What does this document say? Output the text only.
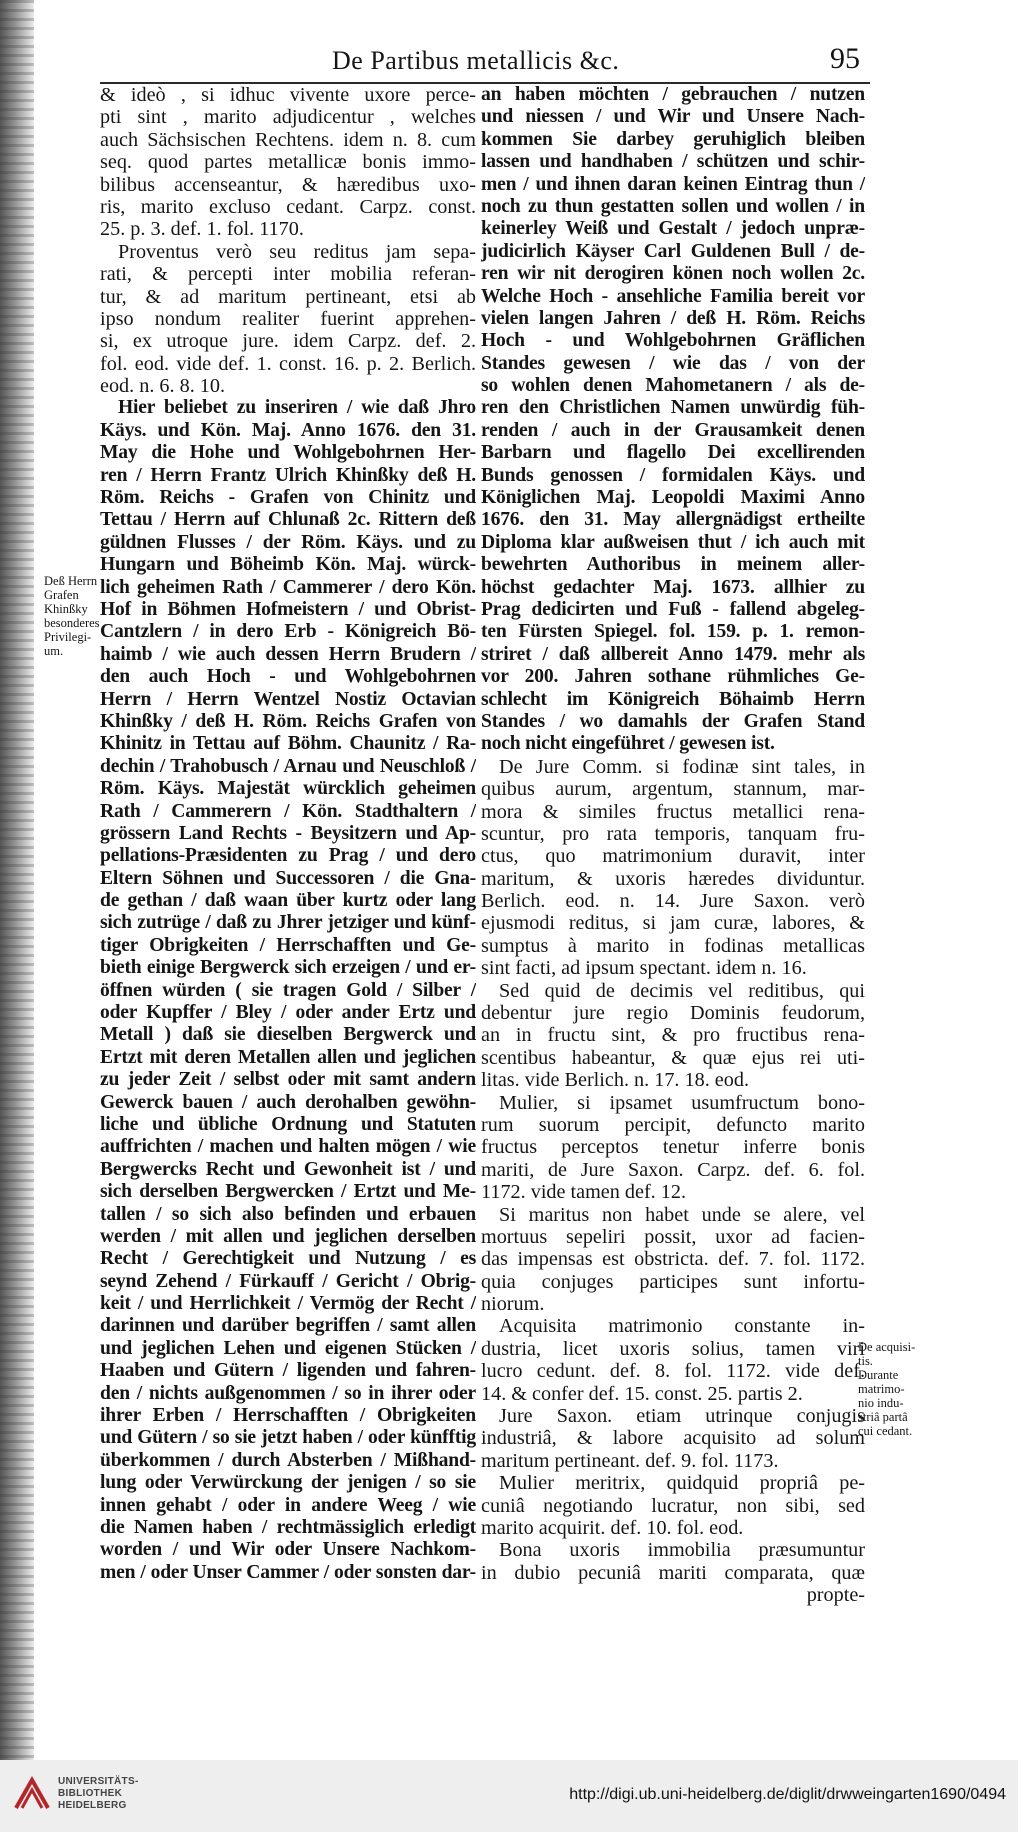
De Partibus metallicis &c.	95
Deß Herrn
Grafen
Khinßky
besonderes
Privilegi-
um.
& ideò , si idhuc vivente uxore perce-
pti sint , marito adjudicentur , welches
auch Sächsischen Rechtens. idem n. 8. cum
seq. quod partes metallicæ bonis immo-
bilibus accenseantur, & hæredibus uxo-
ris, marito excluso cedant. Carpz. const.
25. p. 3. def. 1. fol. 1170.
Proventus verò seu reditus jam sepa-
rati, & percepti inter mobilia referan-
tur, & ad maritum pertineant, etsi ab
ipso nondum realiter fuerint apprehen-
si, ex utroque jure. idem Carpz. def. 2.
fol. eod. vide def. 1. const. 16. p. 2. Berlich.
eod. n. 6. 8. 10.
Hier beliebet zu inseriren / wie daß Jhro
Käys. und Kön. Maj. Anno 1676. den 31.
May die Hohe und Wohlgebohrnen Her-
ren / Herrn Frantz Ulrich Khinßky deß H.
Röm. Reichs - Grafen von Chinitz und
Tettau / Herrn auf Chlunaß 2c. Rittern deß
güldnen Flusses / der Röm. Käys. und zu
Hungarn und Böheimb Kön. Maj. würck-
lich geheimen Rath / Cammerer / dero Kön.
Hof in Böhmen Hofmeistern / und Obrist-
Cantzlern / in dero Erb - Königreich Bö-
haimb / wie auch dessen Herrn Brudern /
den auch Hoch - und Wohlgebohrnen
Herrn / Herrn Wentzel Nostiz Octavian
Khinßky / deß H. Röm. Reichs Grafen von
Khinitz in Tettau auf Böhm. Chaunitz / Ra-
dechin / Trahobusch / Arnau und Neuschloß /
Röm. Käys. Majestät würcklich geheimen
Rath / Cammerern / Kön. Stadthaltern /
grössern Land Rechts - Beysitzern und Ap-
pellations-Præsidenten zu Prag / und dero
Eltern Söhnen und Successoren / die Gna-
de gethan / daß waan über kurtz oder lang
sich zutrüge / daß zu Jhrer jetziger und künf-
tiger Obrigkeiten / Herrschafften und Ge-
bieth einige Bergwerck sich erzeigen / und er-
öffnen würden ( sie tragen Gold / Silber /
oder Kupffer / Bley / oder ander Ertz und
Metall ) daß sie dieselben Bergwerck und
Ertzt mit deren Metallen allen und jeglichen
zu jeder Zeit / selbst oder mit samt andern
Gewerck bauen / auch derohalben gewöhn-
liche und übliche Ordnung und Statuten
auffrichten / machen und halten mögen / wie
Bergwercks Recht und Gewonheit ist / und
sich derselben Bergwercken / Ertzt und Me-
tallen / so sich also befinden und erbauen
werden / mit allen und jeglichen derselben
Recht / Gerechtigkeit und Nutzung / es
seynd Zehend / Fürkauff / Gericht / Obrig-
keit / und Herrlichkeit / Vermög der Recht /
darinnen und darüber begriffen / samt allen
und jeglichen Lehen und eigenen Stücken /
Haaben und Gütern / ligenden und fahren-
den / nichts außgenommen / so in ihrer oder
ihrer Erben / Herrschafften / Obrigkeiten
und Gütern / so sie jetzt haben / oder künfftig
überkommen / durch Absterben / Mißhand-
lung oder Verwürckung der jenigen / so sie
innen gehabt / oder in andere Weeg / wie
die Namen haben / rechtmässiglich erledigt
worden / und Wir oder Unsere Nachkom-
men / oder Unser Cammer / oder sonsten dar-
an haben möchten / gebrauchen / nutzen
und niessen / und Wir und Unsere Nach-
kommen Sie darbey geruhiglich bleiben
lassen und handhaben / schützen und schir-
men / und ihnen daran keinen Eintrag thun /
noch zu thun gestatten sollen und wollen / in
keinerley Weiß und Gestalt / jedoch unpræ-
judicirlich Käyser Carl Guldenen Bull / de-
ren wir nit derogiren könen noch wollen 2c.
Welche Hoch - ansehliche Familia bereit vor
vielen langen Jahren / deß H. Röm. Reichs
Hoch - und Wohlgebohrnen Gräflichen
Standes gewesen / wie das / von der
so wohlen denen Mahometanern / als de-
ren den Christlichen Namen unwürdig füh-
renden / auch in der Grausamkeit denen
Barbarn und flagello Dei excellirenden
Bunds genossen / formidalen Käys. und
Königlichen Maj. Leopoldi Maximi Anno
1676. den 31. May allergnädigst ertheilte
Diploma klar außweisen thut / ich auch mit
bewehrten Authoribus in meinem aller-
höchst gedachter Maj. 1673. allhier zu
Prag dedicirten und Fuß - fallend abgeleg-
ten Fürsten Spiegel. fol. 159. p. 1. remon-
striret / daß allbereit Anno 1479. mehr als
vor 200. Jahren sothane rühmliches Ge-
schlecht im Königreich Böhaimb Herrn
Standes / wo damahls der Grafen Stand
noch nicht eingeführet / gewesen ist.
De Jure Comm. si fodinæ sint tales, in
quibus aurum, argentum, stannum, mar-
mora & similes fructus metallici rena-
scuntur, pro rata temporis, tanquam fru-
ctus, quo matrimonium duravit, inter
maritum, & uxoris hæredes dividuntur.
Berlich. eod. n. 14. Jure Saxon. verò
ejusmodi reditus, si jam curæ, labores, &
sumptus à marito in fodinas metallicas
sint facti, ad ipsum spectant. idem n. 16.
Sed quid de decimis vel reditibus, qui
debentur jure regio Dominis feudorum,
an in fructu sint, & pro fructibus rena-
scentibus habeantur, & quæ ejus rei uti-
litas. vide Berlich. n. 17. 18. eod.
Mulier, si ipsamet usumfructum bono-
rum suorum percipit, defuncto marito
fructus perceptos tenetur inferre bonis
mariti, de Jure Saxon. Carpz. def. 6. fol.
1172. vide tamen def. 12.
Si maritus non habet unde se alere, vel
mortuus sepeliri possit, uxor ad facien-
das impensas est obstricta. def. 7. fol. 1172.
quia conjuges participes sunt infortu-
niorum.
Acquisita matrimonio constante in-
dustria, licet uxoris solius, tamen viri
lucro cedunt. def. 8. fol. 1172. vide def.
14. & confer def. 15. const. 25. partis 2.
Jure Saxon. etiam utrinque conjugis
industriâ, & labore acquisito ad solum
maritum pertineant. def. 9. fol. 1173.
Mulier meritrix, quidquid propriâ pe-
cuniâ negotiando lucratur, non sibi, sed
marito acquirit. def. 10. fol. eod.
Bona uxoris immobilia præsumuntur
in dubio pecuniâ mariti comparata, quæ
propte-
De acquisi-
tis.
Durante
matrimo-
nio indu-
striâ partâ
cui cedant.
UNIVERSITÄTS-
BIBLIOTHEK
HEIDELBERG
http://digi.ub.uni-heidelberg.de/diglit/drwweingarten1690/0494
